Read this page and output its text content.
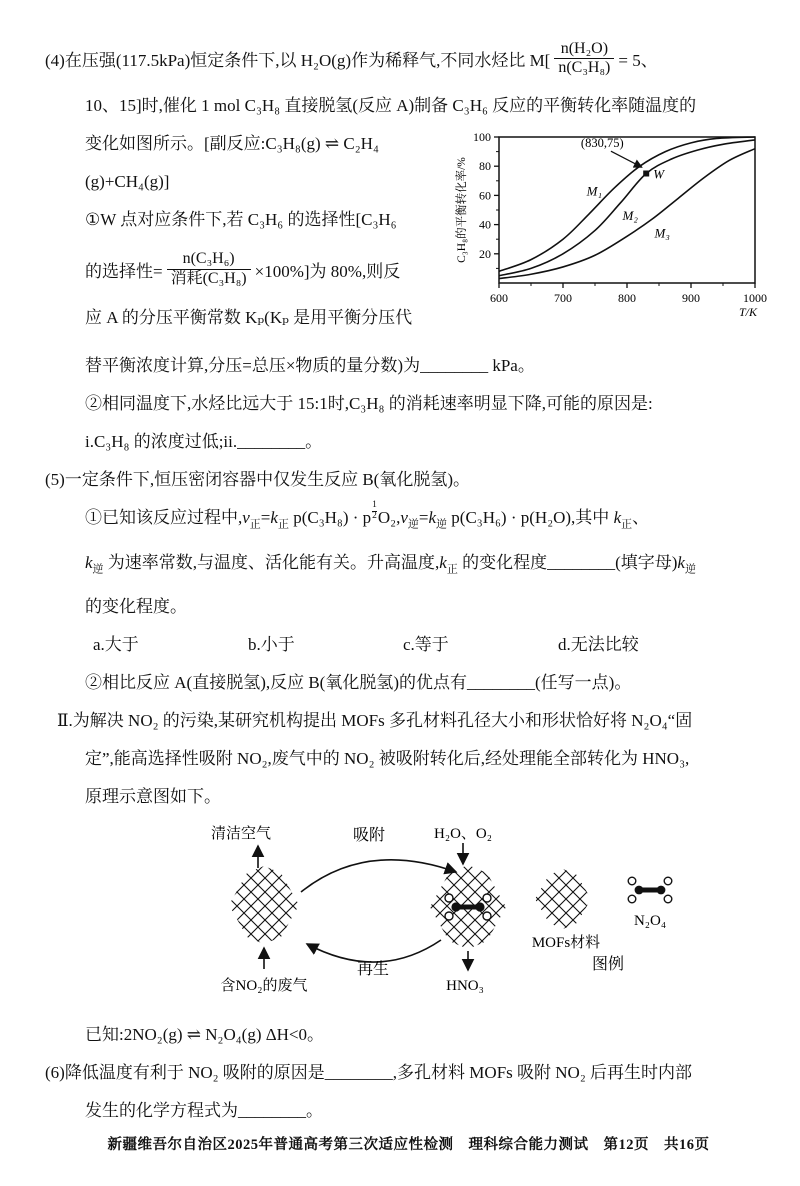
(4)在压强(117.5kPa)恒定条件下,以 H₂O(g)作为稀释气,不同水烃比 $M[ \frac{\text{n(H₂O)}}{\text{n(C₃H₈)}} = 5$、
10、15]时,催化 1 mol C₃H₈ 直接脱氢(反应 A)制备 C₃H₆ 反应的平衡转化率随温度的
变化如图所示。[副反应:C₃H₈(g) ⇌ C₂H₄
(g)+CH₄(g)]
①W 点对应条件下,若 C₃H₆ 的选择性[C₃H₆
的选择性= $\frac{\text{n(C₃H₆)}}{\text{消耗(C₃H₈)}} \times 100\%$]为 80%,则反
应 A 的分压平衡常数 Kₚ(Kₚ 是用平衡分压代
600	700	800	900	1000
T/K
20
40
60
80
100
C₃H₈的平衡转化率/%	M₁
M₂
M₃
W
(830,75)
替平衡浓度计算,分压=总压×物质的量分数)为________ kPa。
②相同温度下,水烃比远大于 15:1时,C₃H₈ 的消耗速率明显下降,可能的原因是:
i.C₃H₈ 的浓度过低;ii.________。
(5)一定条件下,恒压密闭容器中仅发生反应 B(氧化脱氢)。
①已知该反应过程中$,v_正=k_正$ $p(C_3H_8) \cdot p\frac{1}{2} O_2,v_逆=k_逆$ p(C₃H₆) · p(H₂O),其中 $k_正$、
$k_逆$ 为速率常数,与温度、活化能有关。升高温度$,k_正$ 的变化程度________(填字母)$k_逆$
的变化程度。
a.大于	b.小于	c.等于	d.无法比较
②相比反应 A(直接脱氢),反应 B(氧化脱氢)的优点有________(任写一点)。
Ⅱ.为解决 NO₂ 的污染,某研究机构提出 MOFs 多孔材料孔径大小和形状恰好将 N₂O₄“固
定”,能高选择性吸附 NO₂,废气中的 NO₂ 被吸附转化后,经处理能全部转化为 HNO₃,
原理示意图如下。
清洁空气
含NO₂的废气
吸附
再生
H₂O、O₂
HNO₃
MOFs材料
N₂O₄
图例
已知:2NO₂(g) ⇌ N₂O₄(g) ΔH<0。
(6)降低温度有利于 NO₂ 吸附的原因是________,多孔材料 MOFs 吸附 NO₂ 后再生时内部
发生的化学方程式为________。
新疆维吾尔自治区2025年普通高考第三次适应性检测　理科综合能力测试　第12页　共16页
